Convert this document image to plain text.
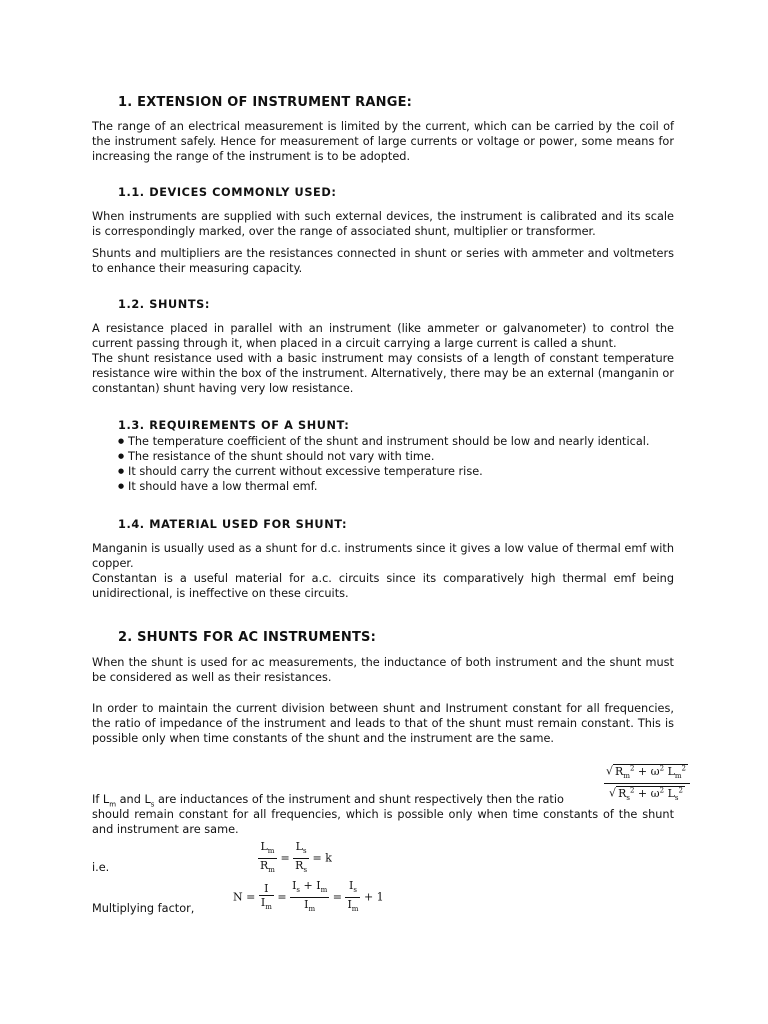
1. EXTENSION OF INSTRUMENT RANGE:

The range of an electrical measurement is limited by the current, which can be carried by the coil of the instrument safely. Hence for measurement of large currents or voltage or power, some means for increasing the range of the instrument is to be adopted.

1.1. DEVICES COMMONLY USED:

When instruments are supplied with such external devices, the instrument is calibrated and its scale is correspondingly marked, over the range of associated shunt, multiplier or transformer.

Shunts and multipliers are the resistances connected in shunt or series with ammeter and voltmeters to enhance their measuring capacity.

1.2. SHUNTS:

A resistance placed in parallel with an instrument (like ammeter or galvanometer) to control the current passing through it, when placed in a circuit carrying a large current is called a shunt.

The shunt resistance used with a basic instrument may consists of a length of constant temperature resistance wire within the box of the instrument. Alternatively, there may be an external (manganin or constantan) shunt having very low resistance.

1.3. REQUIREMENTS OF A SHUNT:
● The temperature coefficient of the shunt and instrument should be low and nearly identical.
● The resistance of the shunt should not vary with time.
● It should carry the current without excessive temperature rise.
● It should have a low thermal emf.
1.4. MATERIAL USED FOR SHUNT:

Manganin is usually used as a shunt for d.c. instruments since it gives a low value of thermal emf with copper.

Constantan is a useful material for a.c. circuits since its comparatively high thermal emf being unidirectional, is ineffective on these circuits.

2. SHUNTS FOR AC INSTRUMENTS:

When the shunt is used for ac measurements, the inductance of both instrument and the shunt must be considered as well as their resistances.

In order to maintain the current division between shunt and Instrument constant for all frequencies, the ratio of impedance of the instrument and leads to that of the shunt must remain constant. This is possible only when time constants of the shunt and the instrument are the same.

$\frac{√ R_m^2 + \omega^2 L_m^2}{√ R_s^2 + \omega^2 L_s^2}$
If $L_m$ and $L_s$ are inductances of the instrument and shunt respectively then the ratio

should remain constant for all frequencies, which is possible only when time constants of the shunt and instrument are same.

$\frac{L_m}{R_m} = \frac{L_s}{R_s} = k$
i.e.
$N = \frac{I}{I_m} = \frac{I_s + I_m}{I_m} = \frac{I_s}{I_m} + 1$
Multiplying factor,
